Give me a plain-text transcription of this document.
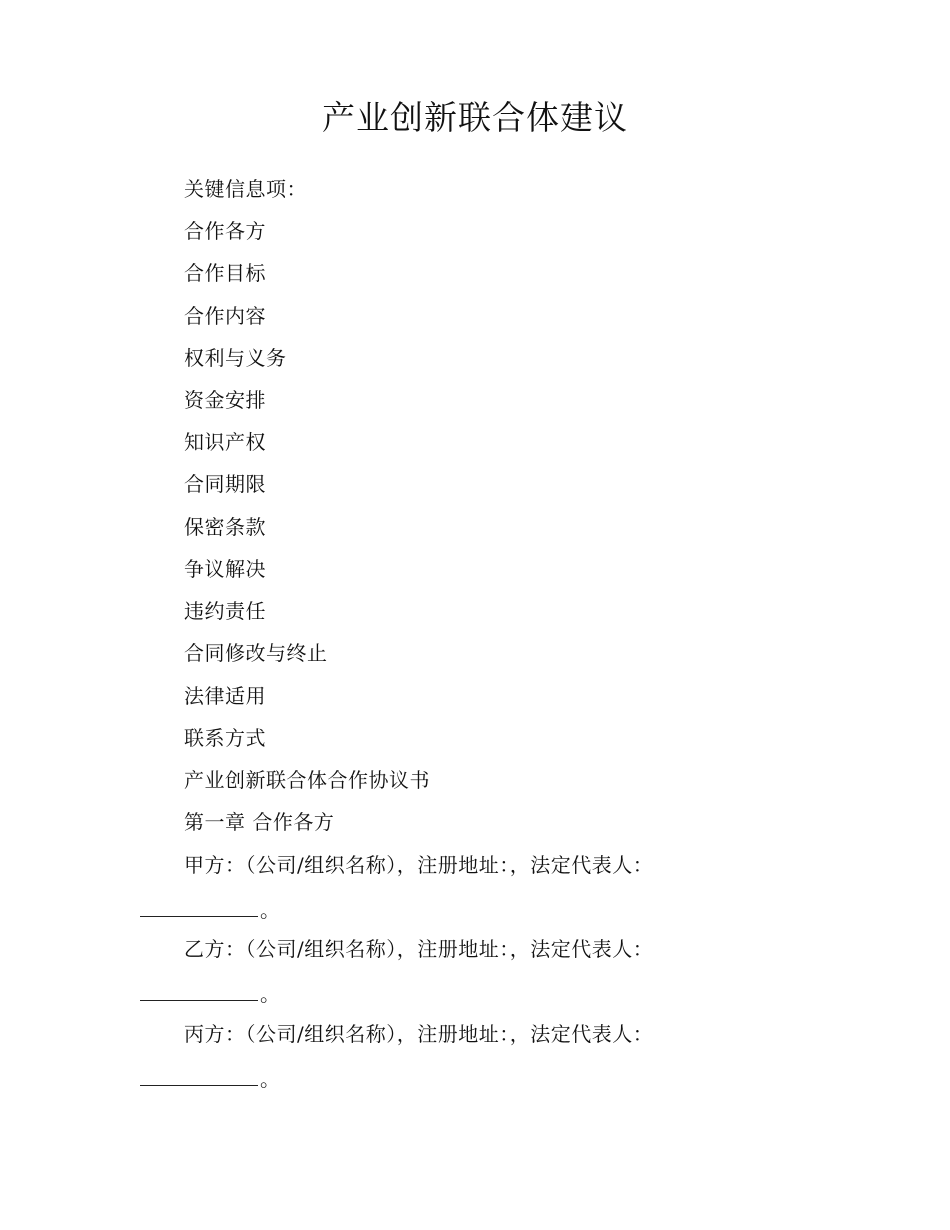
产业创新联合体建议
关键信息项：
合作各方
合作目标
合作内容
权利与义务
资金安排
知识产权
合同期限
保密条款
争议解决
违约责任
合同修改与终止
法律适用
联系方式
产业创新联合体合作协议书
第一章 合作各方
甲方：（公司/组织名称），注册地址：，法定代表人：
。
乙方：（公司/组织名称），注册地址：，法定代表人：
。
丙方：（公司/组织名称），注册地址：，法定代表人：
。
